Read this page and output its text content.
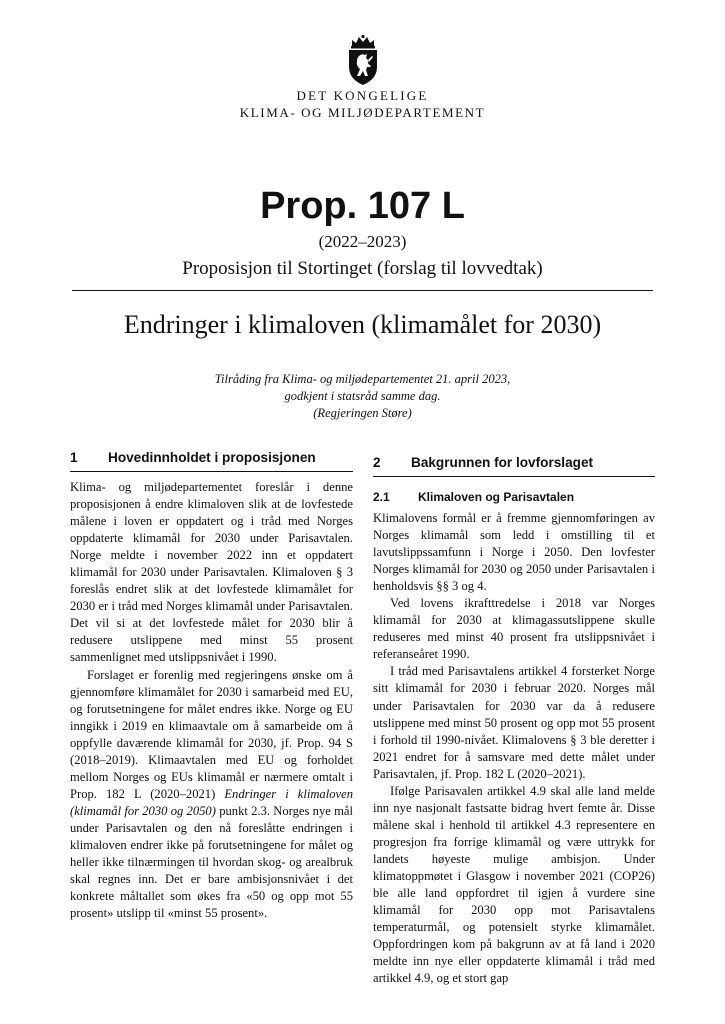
DET KONGELIGE
KLIMA- OG MILJØDEPARTEMENT
Prop. 107 L
(2022–2023)
Proposisjon til Stortinget (forslag til lovvedtak)
Endringer i klimaloven (klimamålet for 2030)
Tilråding fra Klima- og miljødepartementet 21. april 2023,
godkjent i statsråd samme dag.
(Regjeringen Støre)
1	Hovedinnholdet i proposisjonen

Klima- og miljødepartementet foreslår i denne proposisjonen å endre klimaloven slik at de lovfestede målene i loven er oppdatert og i tråd med Norges oppdaterte klimamål for 2030 under Parisavtalen. Norge meldte i november 2022 inn et oppdatert klimamål for 2030 under Parisavtalen. Klimaloven § 3 foreslås endret slik at det lovfestede klimamålet for 2030 er i tråd med Norges klimamål under Parisavtalen. Det vil si at det lovfestede målet for 2030 blir å redusere utslippene med minst 55 prosent sammenlignet med utslippsnivået i 1990.

Forslaget er forenlig med regjeringens ønske om å gjennomføre klimamålet for 2030 i samarbeid med EU, og forutsetningene for målet endres ikke. Norge og EU inngikk i 2019 en klimaavtale om å samarbeide om å oppfylle daværende klimamål for 2030, jf. Prop. 94 S (2018–2019). Klimaavtalen med EU og forholdet mellom Norges og EUs klimamål er nærmere omtalt i Prop. 182 L (2020–2021) Endringer i klimaloven (klimamål for 2030 og 2050) punkt 2.3. Norges nye mål under Parisavtalen og den nå foreslåtte endringen i klimaloven endrer ikke på forutsetningene for målet og heller ikke tilnærmingen til hvordan skog- og arealbruk skal regnes inn. Det er bare ambisjonsnivået i det konkrete måltallet som økes fra «50 og opp mot 55 prosent» utslipp til «minst 55 prosent».

2	Bakgrunnen for lovforslaget
2.1	Klimaloven og Parisavtalen

Klimalovens formål er å fremme gjennomføringen av Norges klimamål som ledd i omstilling til et lavutslippssamfunn i Norge i 2050. Den lovfester Norges klimamål for 2030 og 2050 under Parisavtalen i henholdsvis §§ 3 og 4.

Ved lovens ikrafttredelse i 2018 var Norges klimamål for 2030 at klimagassutslippene skulle reduseres med minst 40 prosent fra utslippsnivået i referanseåret 1990.

I tråd med Parisavtalens artikkel 4 forsterket Norge sitt klimamål for 2030 i februar 2020. Norges mål under Parisavtalen for 2030 var da å redusere utslippene med minst 50 prosent og opp mot 55 prosent i forhold til 1990-nivået. Klimalovens § 3 ble deretter i 2021 endret for å samsvare med dette målet under Parisavtalen, jf. Prop. 182 L (2020–2021).

Ifølge Parisavalen artikkel 4.9 skal alle land melde inn nye nasjonalt fastsatte bidrag hvert femte år. Disse målene skal i henhold til artikkel 4.3 representere en progresjon fra forrige klimamål og være uttrykk for landets høyeste mulige ambisjon. Under klimatoppmøtet i Glasgow i november 2021 (COP26) ble alle land oppfordret til igjen å vurdere sine klimamål for 2030 opp mot Parisavtalens temperaturmål, og potensielt styrke klimamålet. Oppfordringen kom på bakgrunn av at få land i 2020 meldte inn nye eller oppdaterte klimamål i tråd med artikkel 4.9, og et stort gap
